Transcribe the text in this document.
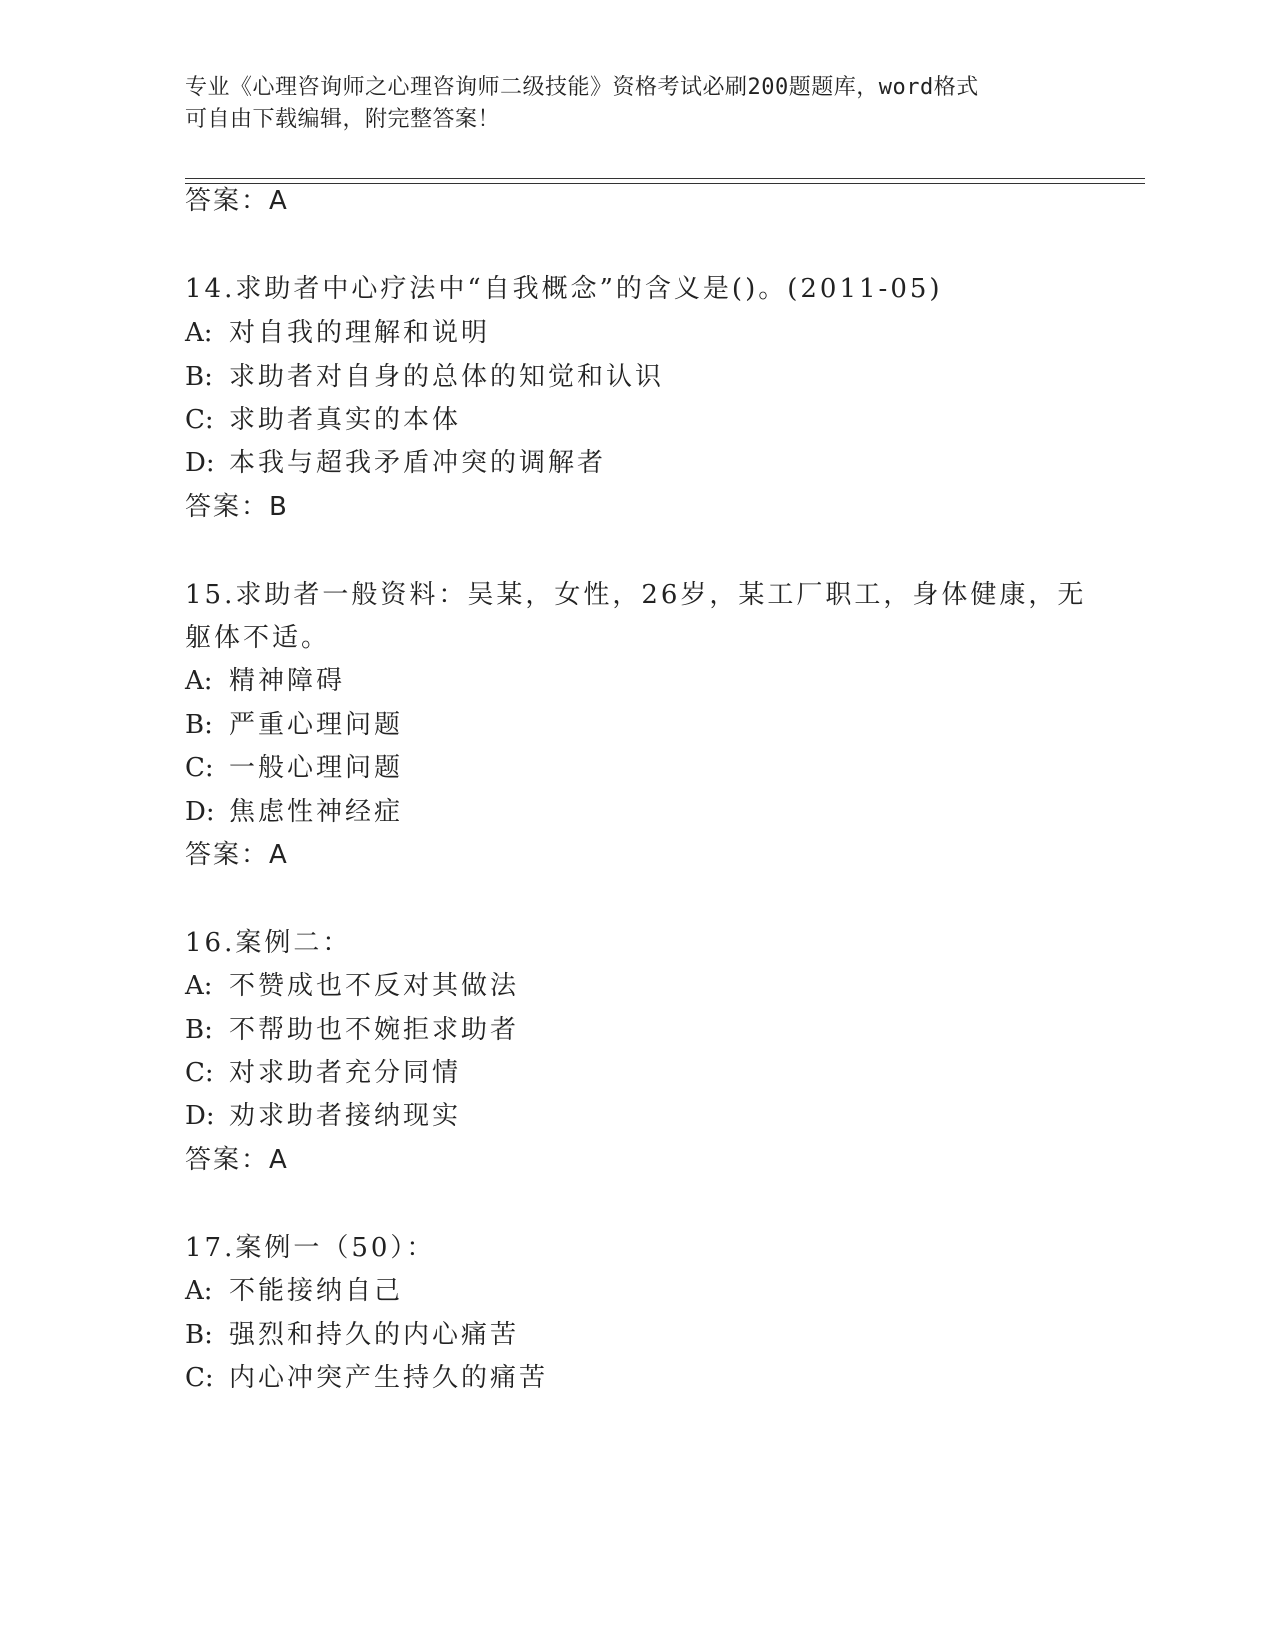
专业《心理咨询师之心理咨询师二级技能》资格考试必刷200题题库，word格式
可自由下载编辑，附完整答案！
答案：A
14.求助者中心疗法中“自我概念”的含义是()。(2011-05)
A: 对自我的理解和说明
B: 求助者对自身的总体的知觉和认识
C: 求助者真实的本体
D: 本我与超我矛盾冲突的调解者
答案：B
15.求助者一般资料：吴某，女性，26岁，某工厂职工，身体健康，无
躯体不适。
A: 精神障碍
B: 严重心理问题
C: 一般心理问题
D: 焦虑性神经症
答案：A
16.案例二：
A: 不赞成也不反对其做法
B: 不帮助也不婉拒求助者
C: 对求助者充分同情
D: 劝求助者接纳现实
答案：A
17.案例一（50）：
A: 不能接纳自己
B: 强烈和持久的内心痛苦
C: 内心冲突产生持久的痛苦
